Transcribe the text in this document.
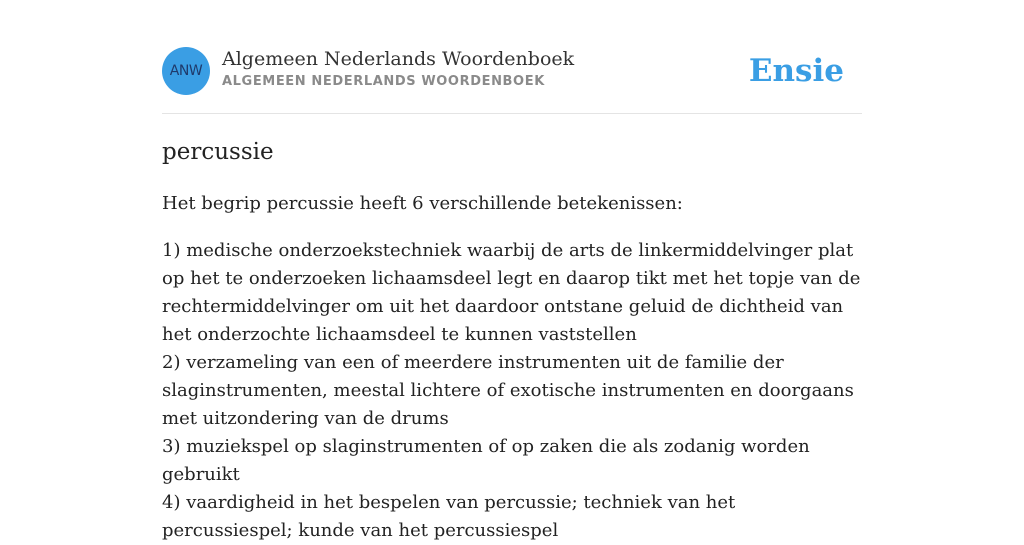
ANW
Algemeen Nederlands Woordenboek
ALGEMEEN NEDERLANDS WOORDENBOEK	Ensie
percussie

Het begrip percussie heeft 6 verschillende betekenissen:

1) medische onderzoekstechniek waarbij de arts de linkermiddelvinger plat op het te onderzoeken lichaamsdeel legt en daarop tikt met het topje van de rechtermiddelvinger om uit het daardoor ontstane geluid de dichtheid van het onderzochte lichaamsdeel te kunnen vaststellen
2) verzameling van een of meerdere instrumenten uit de familie der slaginstrumenten, meestal lichtere of exotische instrumenten en doorgaans met uitzondering van de drums
3) muziekspel op slaginstrumenten of op zaken die als zodanig worden gebruikt
4) vaardigheid in het bespelen van percussie; techniek van het percussiespel; kunde van het percussiespel
